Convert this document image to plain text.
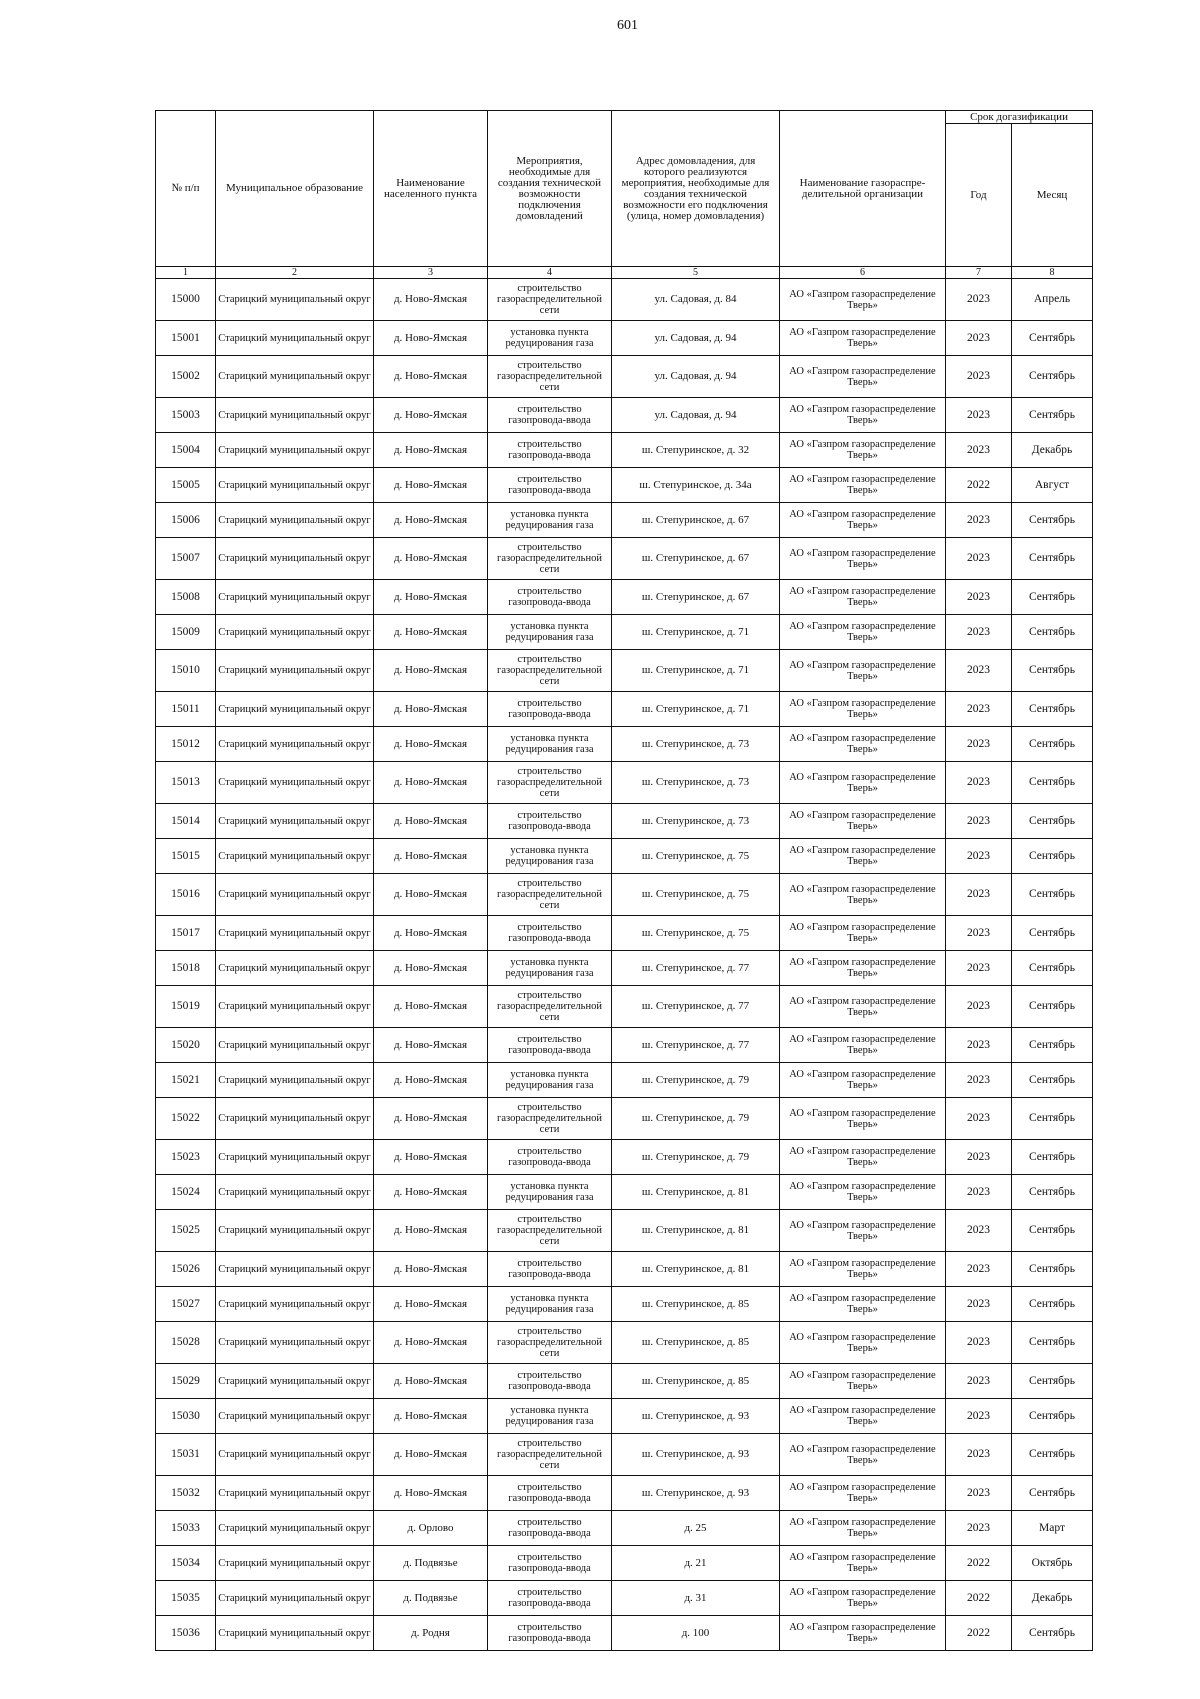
601
№ п/п	Муниципальное образование	Наименование населенного пункта	Мероприятия, необходимые для создания технической возможности подключения домовладений	Адрес домовладения, для которого реализуются мероприятия, необходимые для создания технической возможности его подключения (улица, номер домовладения)	Наименование газораспре-делительной организации	Срок догазификации	
						Год	Месяц
1	2	3	4	5	6	7	8
15000	Старицкий муниципальный округ	д. Ново-Ямская	строительство газораспределительной сети	ул. Садовая, д. 84	АО «Газпром газораспределение Тверь»	2023	Апрель
15001	Старицкий муниципальный округ	д. Ново-Ямская	установка пункта редуцирования газа	ул. Садовая, д. 94	АО «Газпром газораспределение Тверь»	2023	Сентябрь
15002	Старицкий муниципальный округ	д. Ново-Ямская	строительство газораспределительной сети	ул. Садовая, д. 94	АО «Газпром газораспределение Тверь»	2023	Сентябрь
15003	Старицкий муниципальный округ	д. Ново-Ямская	строительство газопровода-ввода	ул. Садовая, д. 94	АО «Газпром газораспределение Тверь»	2023	Сентябрь
15004	Старицкий муниципальный округ	д. Ново-Ямская	строительство газопровода-ввода	ш. Степуринское, д. 32	АО «Газпром газораспределение Тверь»	2023	Декабрь
15005	Старицкий муниципальный округ	д. Ново-Ямская	строительство газопровода-ввода	ш. Степуринское, д. 34а	АО «Газпром газораспределение Тверь»	2022	Август
15006	Старицкий муниципальный округ	д. Ново-Ямская	установка пункта редуцирования газа	ш. Степуринское, д. 67	АО «Газпром газораспределение Тверь»	2023	Сентябрь
15007	Старицкий муниципальный округ	д. Ново-Ямская	строительство газораспределительной сети	ш. Степуринское, д. 67	АО «Газпром газораспределение Тверь»	2023	Сентябрь
15008	Старицкий муниципальный округ	д. Ново-Ямская	строительство газопровода-ввода	ш. Степуринское, д. 67	АО «Газпром газораспределение Тверь»	2023	Сентябрь
15009	Старицкий муниципальный округ	д. Ново-Ямская	установка пункта редуцирования газа	ш. Степуринское, д. 71	АО «Газпром газораспределение Тверь»	2023	Сентябрь
15010	Старицкий муниципальный округ	д. Ново-Ямская	строительство газораспределительной сети	ш. Степуринское, д. 71	АО «Газпром газораспределение Тверь»	2023	Сентябрь
15011	Старицкий муниципальный округ	д. Ново-Ямская	строительство газопровода-ввода	ш. Степуринское, д. 71	АО «Газпром газораспределение Тверь»	2023	Сентябрь
15012	Старицкий муниципальный округ	д. Ново-Ямская	установка пункта редуцирования газа	ш. Степуринское, д. 73	АО «Газпром газораспределение Тверь»	2023	Сентябрь
15013	Старицкий муниципальный округ	д. Ново-Ямская	строительство газораспределительной сети	ш. Степуринское, д. 73	АО «Газпром газораспределение Тверь»	2023	Сентябрь
15014	Старицкий муниципальный округ	д. Ново-Ямская	строительство газопровода-ввода	ш. Степуринское, д. 73	АО «Газпром газораспределение Тверь»	2023	Сентябрь
15015	Старицкий муниципальный округ	д. Ново-Ямская	установка пункта редуцирования газа	ш. Степуринское, д. 75	АО «Газпром газораспределение Тверь»	2023	Сентябрь
15016	Старицкий муниципальный округ	д. Ново-Ямская	строительство газораспределительной сети	ш. Степуринское, д. 75	АО «Газпром газораспределение Тверь»	2023	Сентябрь
15017	Старицкий муниципальный округ	д. Ново-Ямская	строительство газопровода-ввода	ш. Степуринское, д. 75	АО «Газпром газораспределение Тверь»	2023	Сентябрь
15018	Старицкий муниципальный округ	д. Ново-Ямская	установка пункта редуцирования газа	ш. Степуринское, д. 77	АО «Газпром газораспределение Тверь»	2023	Сентябрь
15019	Старицкий муниципальный округ	д. Ново-Ямская	строительство газораспределительной сети	ш. Степуринское, д. 77	АО «Газпром газораспределение Тверь»	2023	Сентябрь
15020	Старицкий муниципальный округ	д. Ново-Ямская	строительство газопровода-ввода	ш. Степуринское, д. 77	АО «Газпром газораспределение Тверь»	2023	Сентябрь
15021	Старицкий муниципальный округ	д. Ново-Ямская	установка пункта редуцирования газа	ш. Степуринское, д. 79	АО «Газпром газораспределение Тверь»	2023	Сентябрь
15022	Старицкий муниципальный округ	д. Ново-Ямская	строительство газораспределительной сети	ш. Степуринское, д. 79	АО «Газпром газораспределение Тверь»	2023	Сентябрь
15023	Старицкий муниципальный округ	д. Ново-Ямская	строительство газопровода-ввода	ш. Степуринское, д. 79	АО «Газпром газораспределение Тверь»	2023	Сентябрь
15024	Старицкий муниципальный округ	д. Ново-Ямская	установка пункта редуцирования газа	ш. Степуринское, д. 81	АО «Газпром газораспределение Тверь»	2023	Сентябрь
15025	Старицкий муниципальный округ	д. Ново-Ямская	строительство газораспределительной сети	ш. Степуринское, д. 81	АО «Газпром газораспределение Тверь»	2023	Сентябрь
15026	Старицкий муниципальный округ	д. Ново-Ямская	строительство газопровода-ввода	ш. Степуринское, д. 81	АО «Газпром газораспределение Тверь»	2023	Сентябрь
15027	Старицкий муниципальный округ	д. Ново-Ямская	установка пункта редуцирования газа	ш. Степуринское, д. 85	АО «Газпром газораспределение Тверь»	2023	Сентябрь
15028	Старицкий муниципальный округ	д. Ново-Ямская	строительство газораспределительной сети	ш. Степуринское, д. 85	АО «Газпром газораспределение Тверь»	2023	Сентябрь
15029	Старицкий муниципальный округ	д. Ново-Ямская	строительство газопровода-ввода	ш. Степуринское, д. 85	АО «Газпром газораспределение Тверь»	2023	Сентябрь
15030	Старицкий муниципальный округ	д. Ново-Ямская	установка пункта редуцирования газа	ш. Степуринское, д. 93	АО «Газпром газораспределение Тверь»	2023	Сентябрь
15031	Старицкий муниципальный округ	д. Ново-Ямская	строительство газораспределительной сети	ш. Степуринское, д. 93	АО «Газпром газораспределение Тверь»	2023	Сентябрь
15032	Старицкий муниципальный округ	д. Ново-Ямская	строительство газопровода-ввода	ш. Степуринское, д. 93	АО «Газпром газораспределение Тверь»	2023	Сентябрь
15033	Старицкий муниципальный округ	д. Орлово	строительство газопровода-ввода	д. 25	АО «Газпром газораспределение Тверь»	2023	Март
15034	Старицкий муниципальный округ	д. Подвязье	строительство газопровода-ввода	д. 21	АО «Газпром газораспределение Тверь»	2022	Октябрь
15035	Старицкий муниципальный округ	д. Подвязье	строительство газопровода-ввода	д. 31	АО «Газпром газораспределение Тверь»	2022	Декабрь
15036	Старицкий муниципальный округ	д. Родня	строительство газопровода-ввода	д. 100	АО «Газпром газораспределение Тверь»	2022	Сентябрь
